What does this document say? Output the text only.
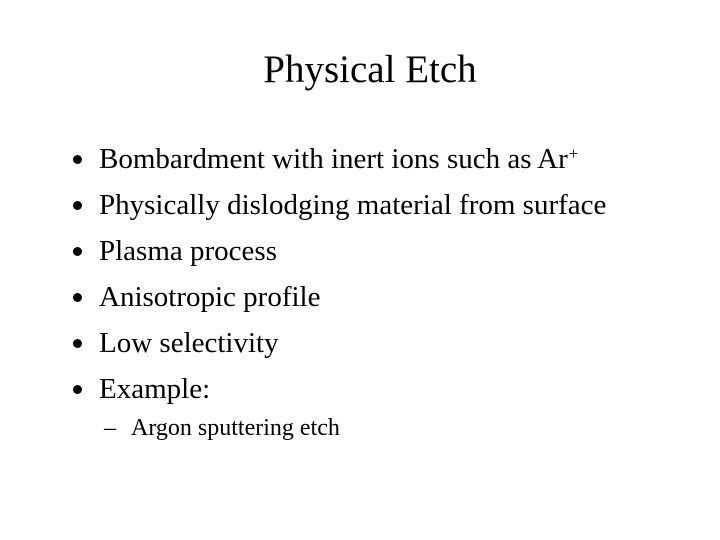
Physical Etch
Bombardment with inert ions such as Ar+
Physically dislodging material from surface
Plasma process
Anisotropic profile
Low selectivity
Example:
– Argon sputtering etch
